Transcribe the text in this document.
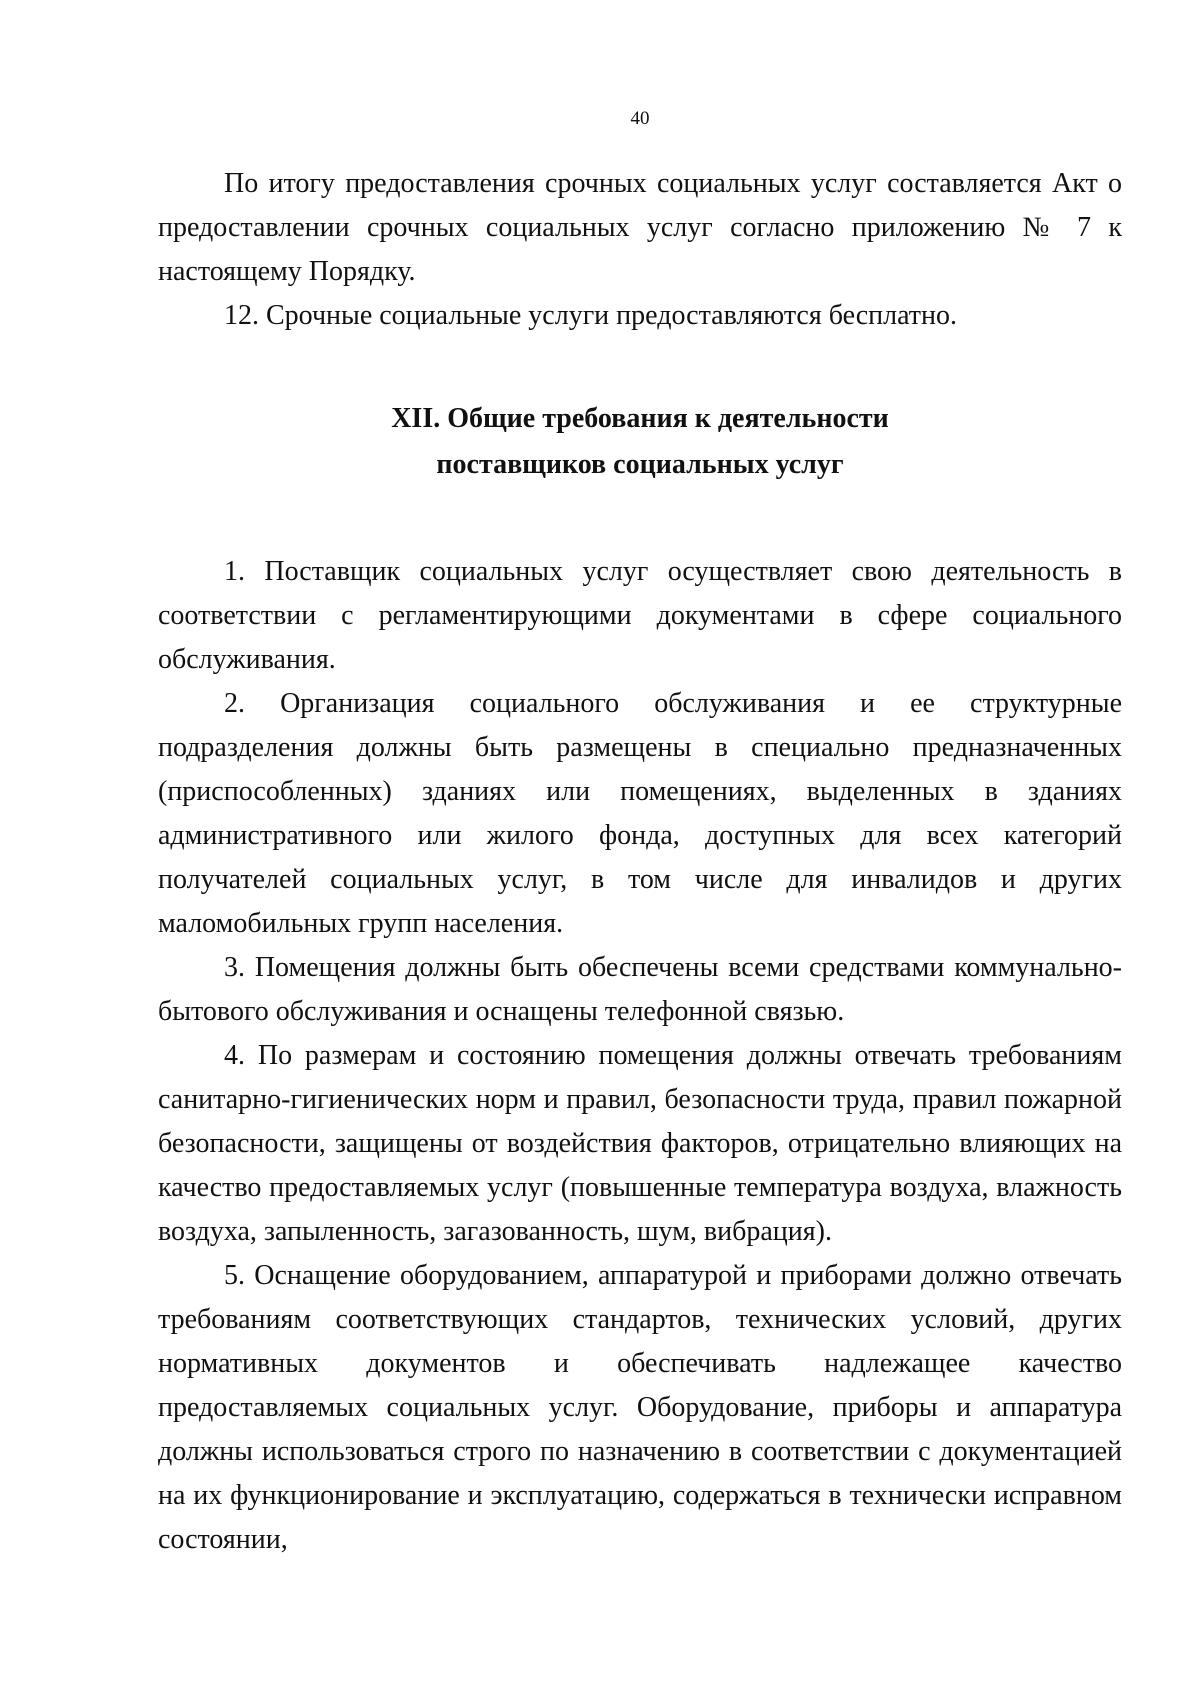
40

По итогу предоставления срочных социальных услуг составляется Акт о предоставлении срочных социальных услуг согласно приложению № 7 к настоящему Порядку.

12. Срочные социальные услуги предоставляются бесплатно.

XII. Общие требования к деятельности
поставщиков социальных услуг

1. Поставщик социальных услуг осуществляет свою деятельность в соответствии с регламентирующими документами в сфере социального обслуживания.

2. Организация социального обслуживания и ее структурные подразделения должны быть размещены в специально предназначенных (приспособленных) зданиях или помещениях, выделенных в зданиях административного или жилого фонда, доступных для всех категорий получателей социальных услуг, в том числе для инвалидов и других маломобильных групп населения.

3. Помещения должны быть обеспечены всеми средствами коммунально-бытового обслуживания и оснащены телефонной связью.

4. По размерам и состоянию помещения должны отвечать требованиям санитарно-гигиенических норм и правил, безопасности труда, правил пожарной безопасности, защищены от воздействия факторов, отрицательно влияющих на качество предоставляемых услуг (повышенные температура воздуха, влажность воздуха, запыленность, загазованность, шум, вибрация).

5. Оснащение оборудованием, аппаратурой и приборами должно отвечать требованиям соответствующих стандартов, технических условий, других нормативных документов и обеспечивать надлежащее качество предоставляемых социальных услуг. Оборудование, приборы и аппаратура должны использоваться строго по назначению в соответствии с документацией на их функционирование и эксплуатацию, содержаться в технически исправном состоянии,
